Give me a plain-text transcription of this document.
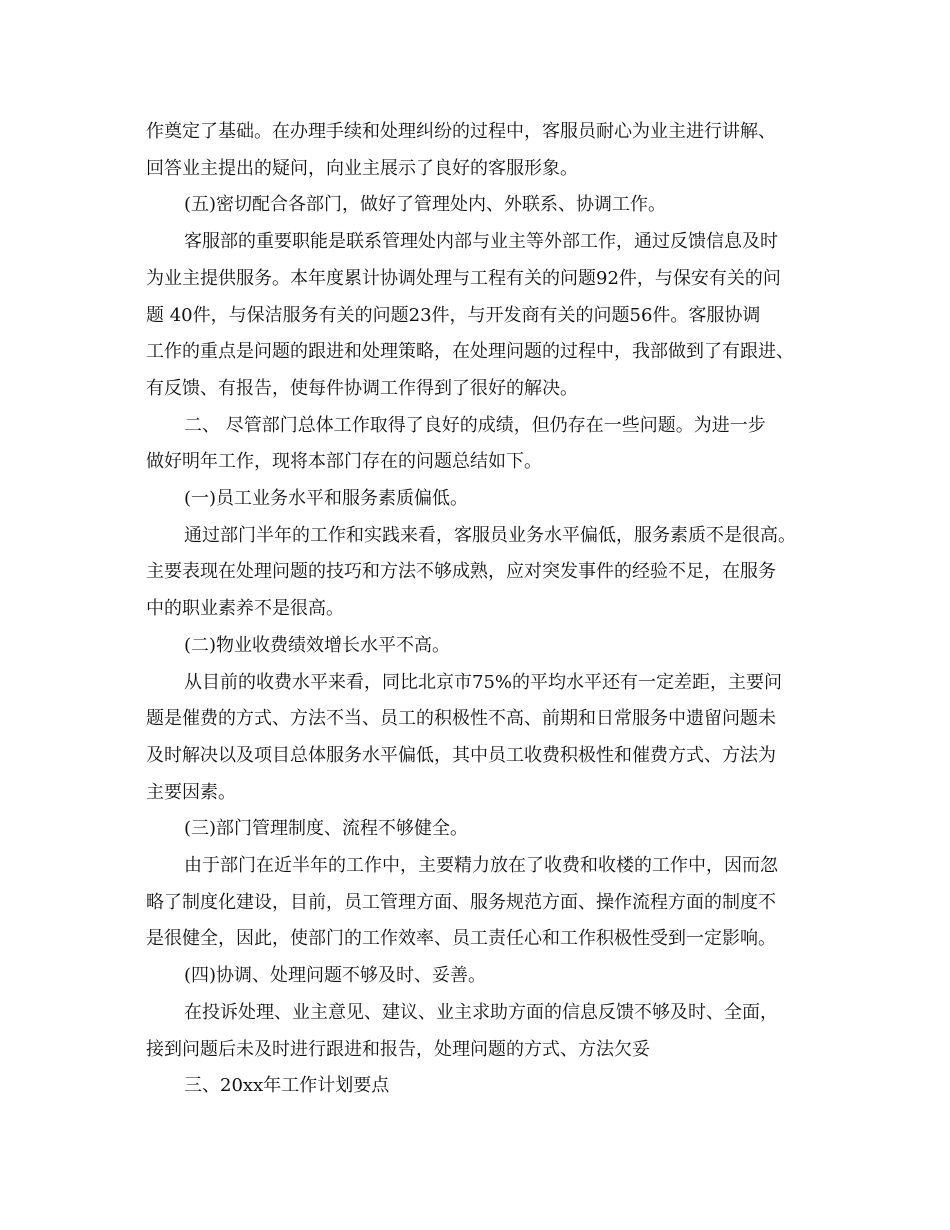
作奠定了基础。在办理手续和处理纠纷的过程中，客服员耐心为业主进行讲解、

回答业主提出的疑问，向业主展示了良好的客服形象。

(五)密切配合各部门，做好了管理处内、外联系、协调工作。

客服部的重要职能是联系管理处内部与业主等外部工作，通过反馈信息及时

为业主提供服务。本年度累计协调处理与工程有关的问题92件，与保安有关的问

题 40件，与保洁服务有关的问题23件，与开发商有关的问题56件。客服协调

工作的重点是问题的跟进和处理策略，在处理问题的过程中，我部做到了有跟进、

有反馈、有报告，使每件协调工作得到了很好的解决。

二、 尽管部门总体工作取得了良好的成绩，但仍存在一些问题。为进一步

做好明年工作，现将本部门存在的问题总结如下。

(一)员工业务水平和服务素质偏低。

通过部门半年的工作和实践来看，客服员业务水平偏低，服务素质不是很高。

主要表现在处理问题的技巧和方法不够成熟，应对突发事件的经验不足，在服务

中的职业素养不是很高。

(二)物业收费绩效增长水平不高。

从目前的收费水平来看，同比北京市75%的平均水平还有一定差距，主要问

题是催费的方式、方法不当、员工的积极性不高、前期和日常服务中遗留问题未

及时解决以及项目总体服务水平偏低，其中员工收费积极性和催费方式、方法为

主要因素。

(三)部门管理制度、流程不够健全。

由于部门在近半年的工作中，主要精力放在了收费和收楼的工作中，因而忽

略了制度化建设，目前，员工管理方面、服务规范方面、操作流程方面的制度不

是很健全，因此，使部门的工作效率、员工责任心和工作积极性受到一定影响。

(四)协调、处理问题不够及时、妥善。

在投诉处理、业主意见、建议、业主求助方面的信息反馈不够及时、全面，

接到问题后未及时进行跟进和报告，处理问题的方式、方法欠妥

三、20xx年工作计划要点
